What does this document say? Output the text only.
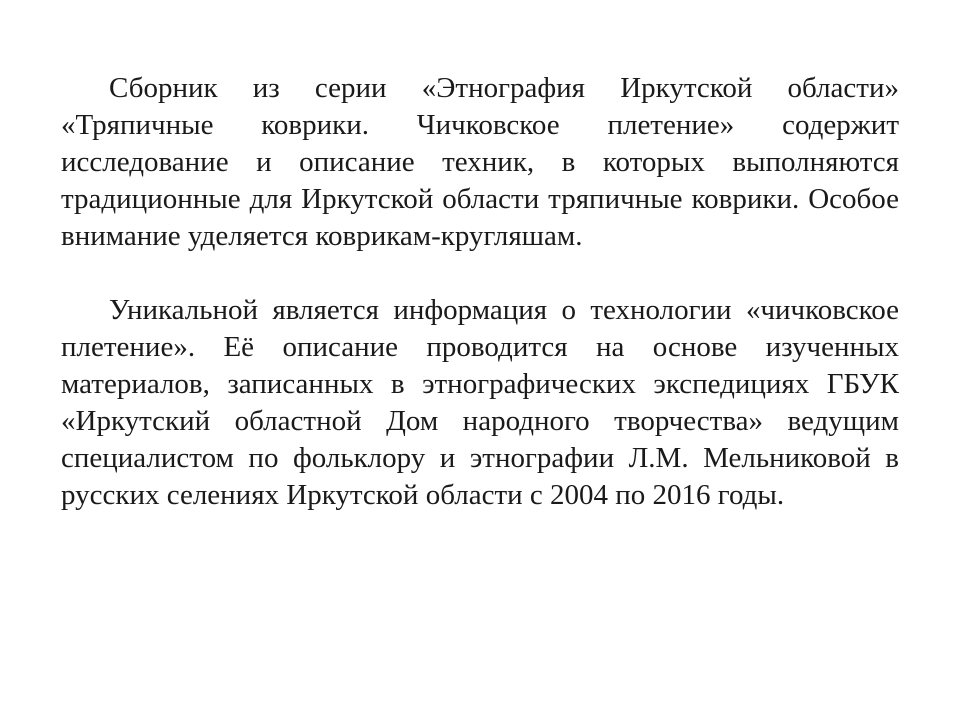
Сборник из серии «Этнография Иркутской области» «Тряпичные коврики. Чичковское плетение» содержит исследование и описание техник, в которых выполняются традиционные для Иркутской области тряпичные коврики. Особое внимание уделяется коврикам-кругляшам.

Уникальной является информация о технологии «чичковское плетение». Её описание проводится на основе изученных материалов, записанных в этнографических экспедициях ГБУК «Иркутский областной Дом народного творчества» ведущим специалистом по фольклору и этнографии Л.М. Мельниковой в русских селениях Иркутской области с 2004 по 2016 годы.
